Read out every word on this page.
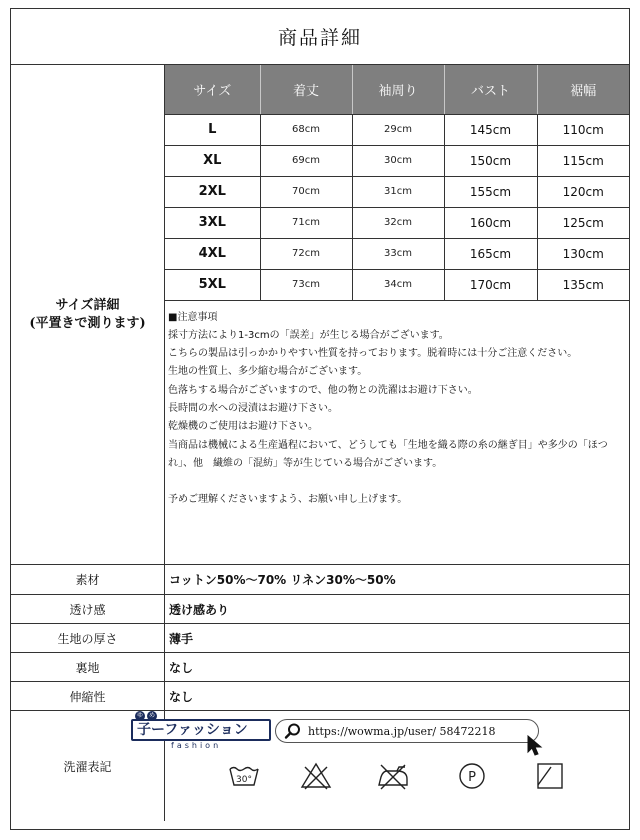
商品詳細
サイズ詳細
(平置きで測ります)
サイズ	着丈	袖周り	バスト	裾幅
L	68cm	29cm	145cm	110cm
XL	69cm	30cm	150cm	115cm
2XL	70cm	31cm	155cm	120cm
3XL	71cm	32cm	160cm	125cm
4XL	72cm	33cm	165cm	130cm
5XL	73cm	34cm	170cm	135cm
■注意事項
採寸方法により1-3cmの「誤差」が生じる場合がございます。
こちらの製品は引っかかりやすい性質を持っております。脱着時には十分ご注意ください。
生地の性質上、多少縮む場合がございます。
色落ちする場合がございますので、他の物との洗濯はお避け下さい。
長時間の水への浸漬はお避け下さい。
乾燥機のご使用はお避け下さい。
当商品は機械による生産過程において、どうしても「生地を織る際の糸の継ぎ目」や多少の「ほつれ」、他　繊維の「混紡」等が生じている場合がございます。
予めご理解くださいますよう、お願い申し上げます。
素材	コットン50%～70% リネン30%～50%
透け感	透け感あり
生地の厚さ	薄手
裏地	なし
伸縮性	なし
洗濯表記
ゆ め
子ーファッション
fashion
https://wowma.jp/user/ 58472218
30°	P
